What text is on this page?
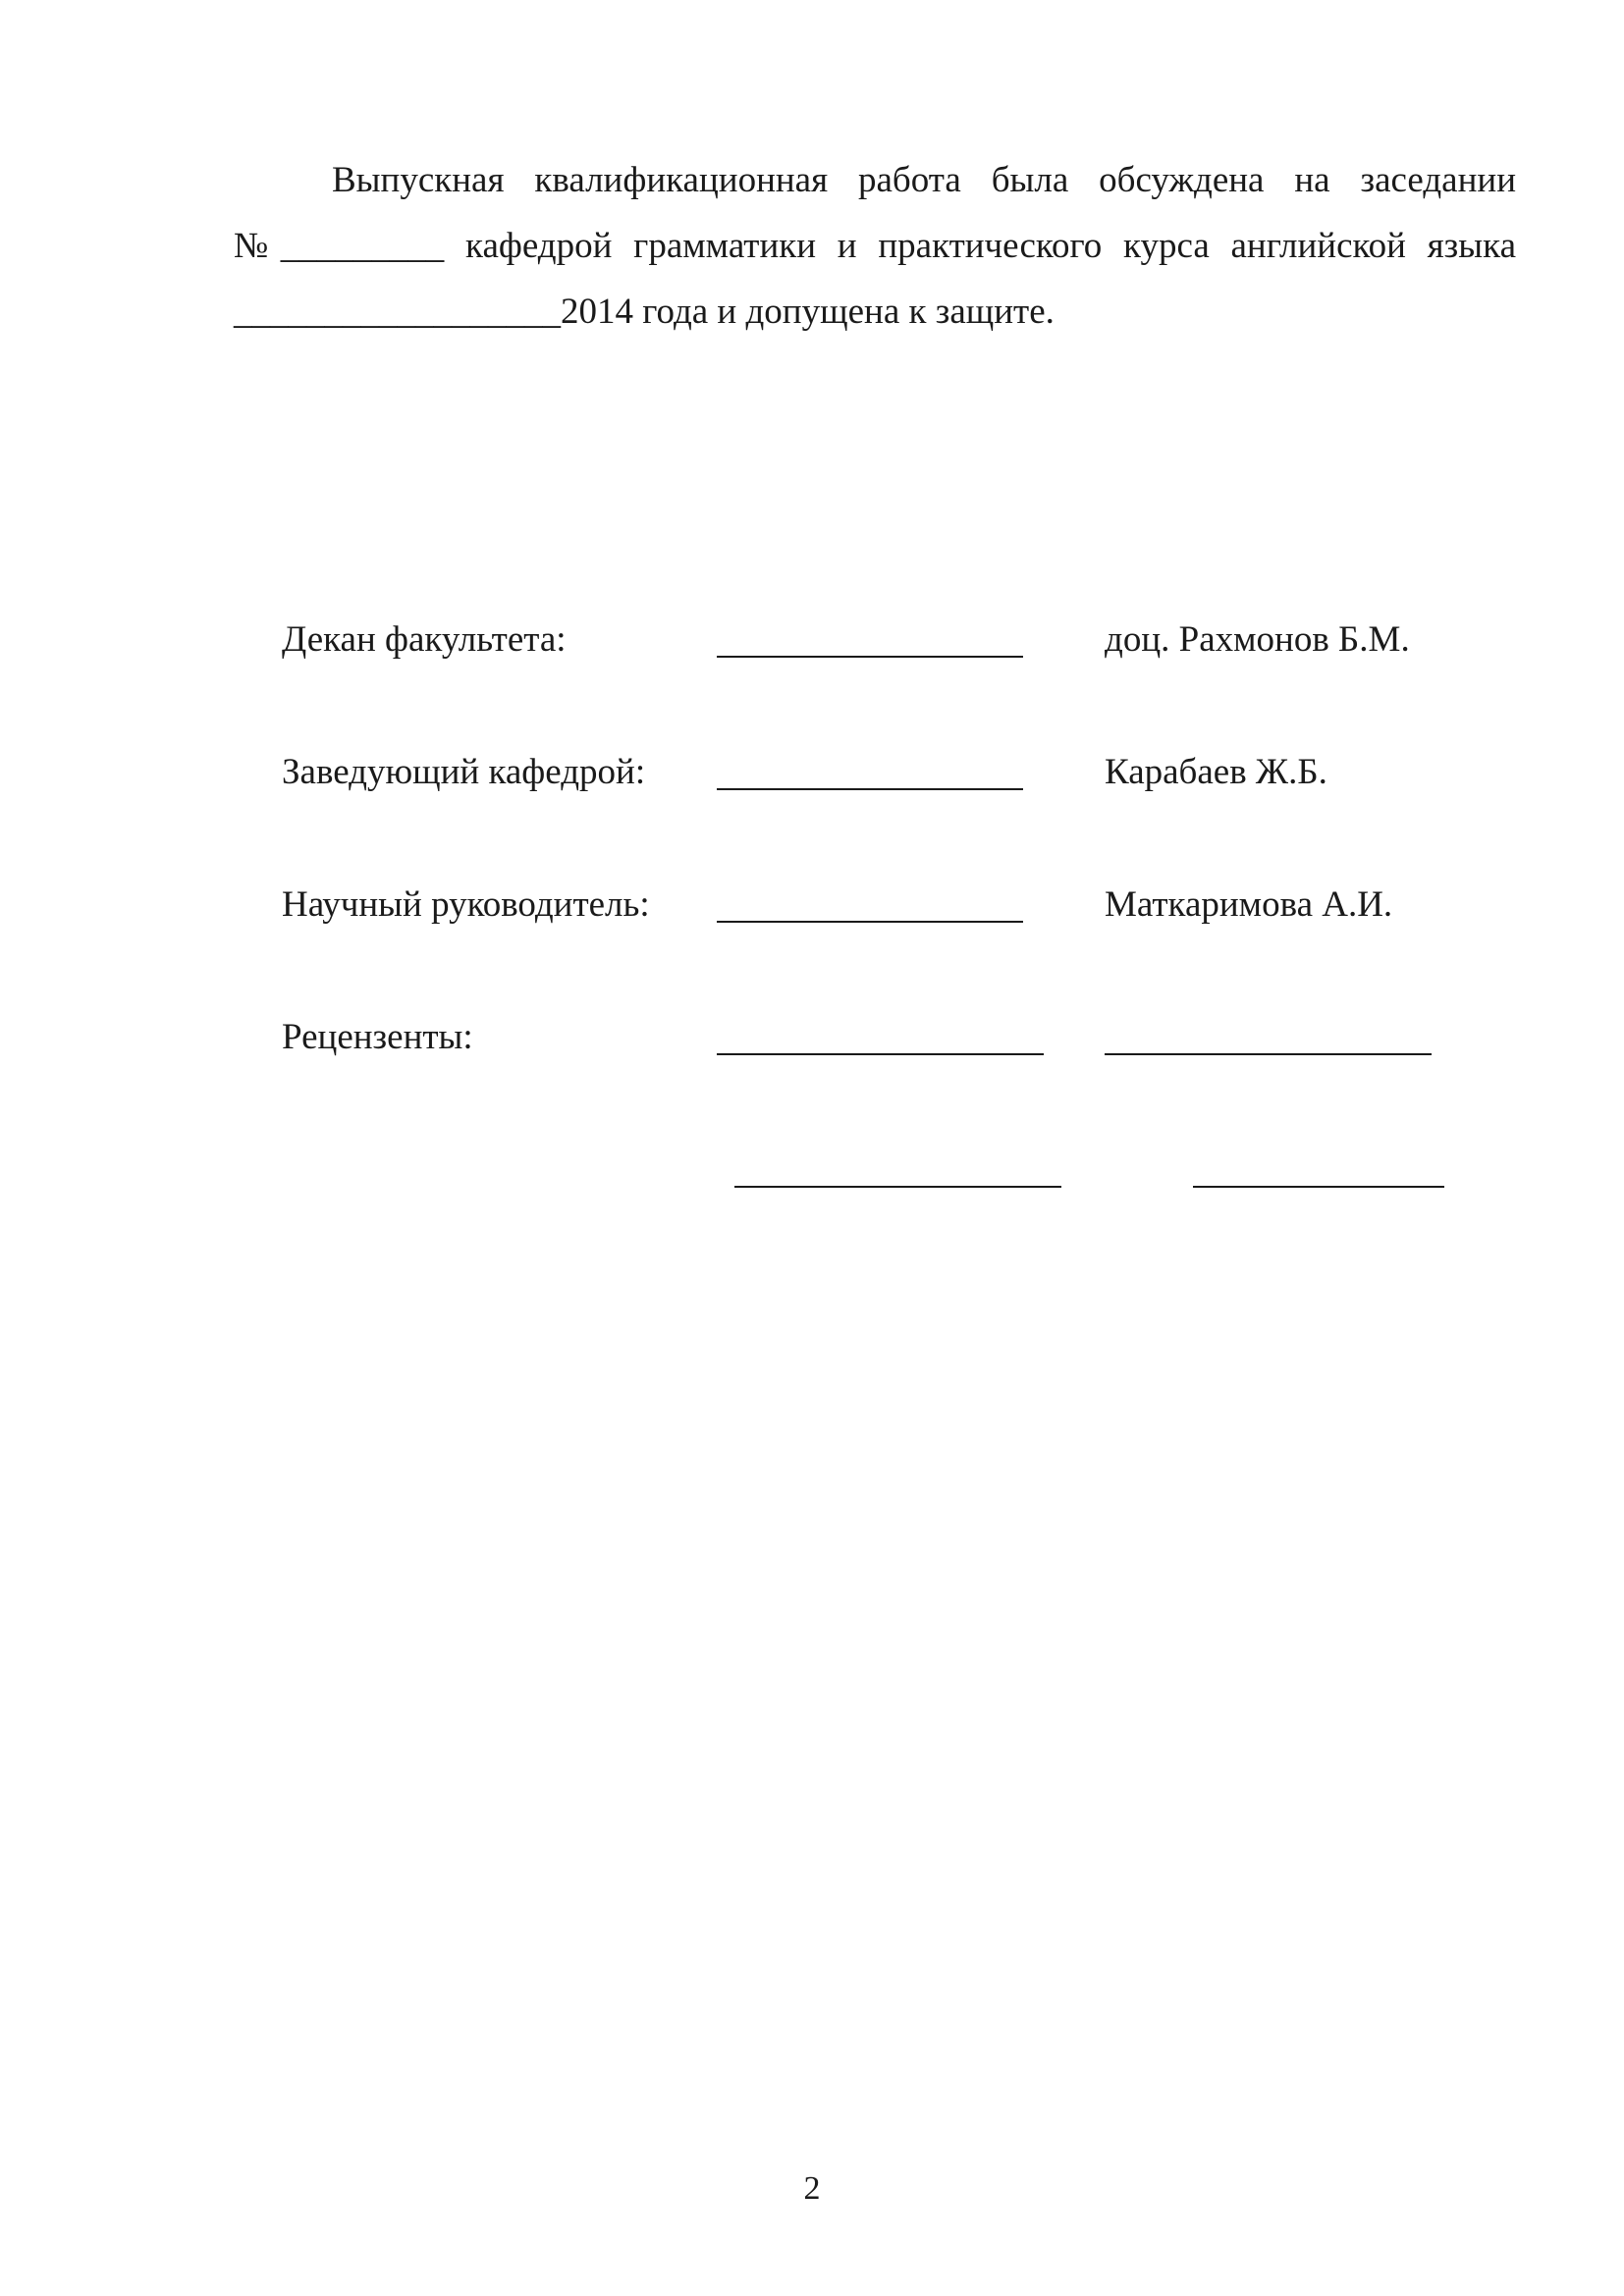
Выпускная квалификационная работа была обсуждена на заседании №_________ кафедрой грамматики и практического курса английской языка __________________2014 года и допущена к защите.

Декан факультета:	доц. Рахмонов Б.М.
Заведующий кафедрой:	Карабаев Ж.Б.
Научный руководитель:	Маткаримова А.И.
Рецензенты:
2
